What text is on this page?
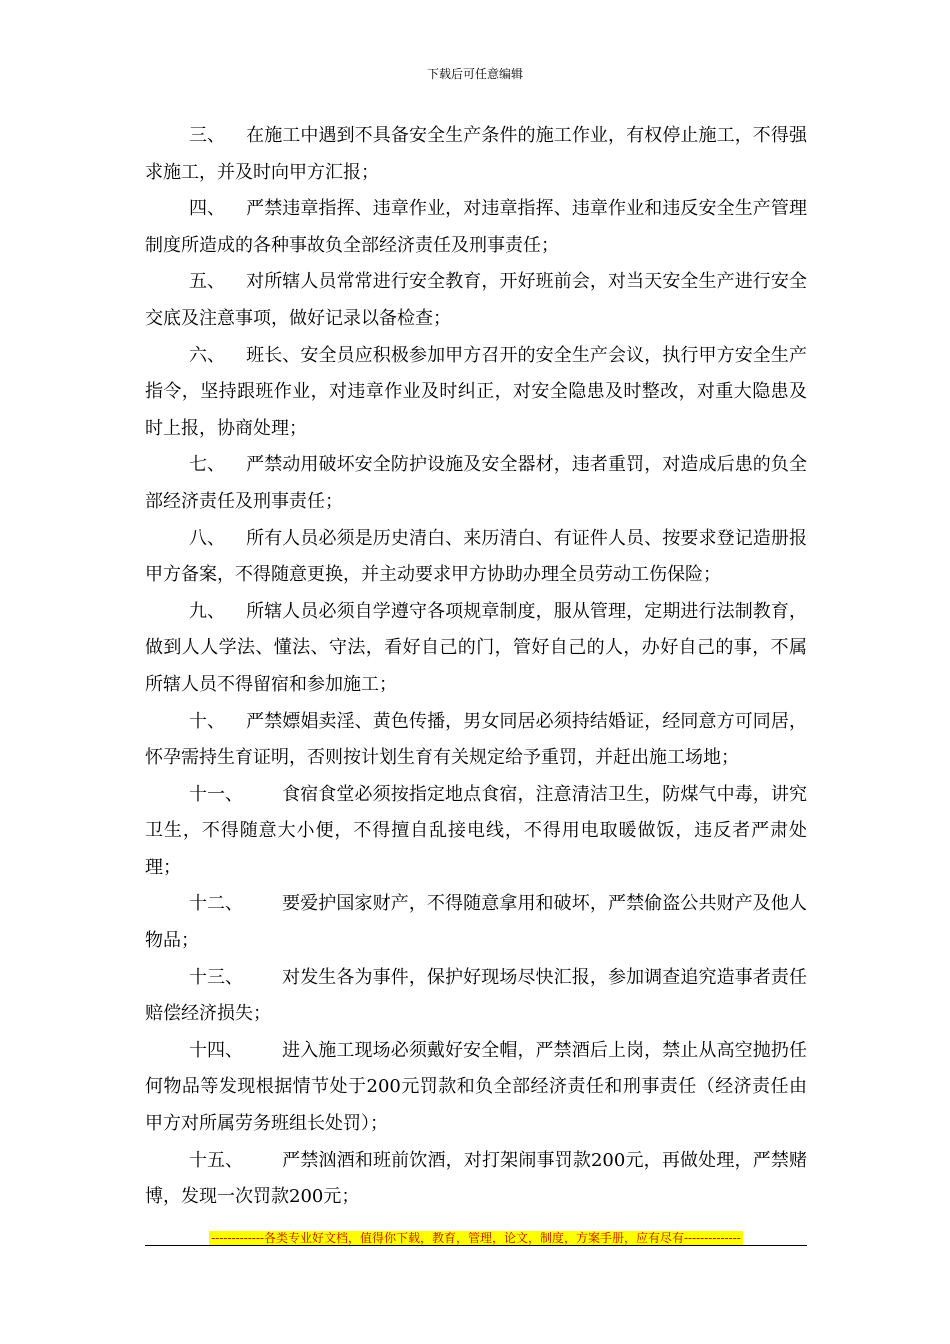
下载后可任意编辑

三、 在施工中遇到不具备安全生产条件的施工作业，有权停止施工，不得强求施工，并及时向甲方汇报；

四、 严禁违章指挥、违章作业，对违章指挥、违章作业和违反安全生产管理制度所造成的各种事故负全部经济责任及刑事责任；

五、 对所辖人员常常进行安全教育，开好班前会，对当天安全生产进行安全交底及注意事项，做好记录以备检查；

六、 班长、安全员应积极参加甲方召开的安全生产会议，执行甲方安全生产指令，坚持跟班作业，对违章作业及时纠正，对安全隐患及时整改，对重大隐患及时上报，协商处理；

七、 严禁动用破坏安全防护设施及安全器材，违者重罚，对造成后患的负全部经济责任及刑事责任；

八、 所有人员必须是历史清白、来历清白、有证件人员、按要求登记造册报甲方备案，不得随意更换，并主动要求甲方协助办理全员劳动工伤保险；

九、 所辖人员必须自学遵守各项规章制度，服从管理，定期进行法制教育，做到人人学法、懂法、守法，看好自己的门，管好自己的人，办好自己的事，不属所辖人员不得留宿和参加施工；

十、 严禁嫖娼卖淫、黄色传播，男女同居必须持结婚证，经同意方可同居，怀孕需持生育证明，否则按计划生育有关规定给予重罚，并赶出施工场地；

十一、 食宿食堂必须按指定地点食宿，注意清洁卫生，防煤气中毒，讲究卫生，不得随意大小便，不得擅自乱接电线，不得用电取暖做饭，违反者严肃处理；

十二、 要爱护国家财产，不得随意拿用和破坏，严禁偷盗公共财产及他人物品；

十三、 对发生各为事件，保护好现场尽快汇报，参加调查追究造事者责任赔偿经济损失；

十四、 进入施工现场必须戴好安全帽，严禁酒后上岗，禁止从高空抛扔任何物品等发现根据情节处于200元罚款和负全部经济责任和刑事责任（经济责任由甲方对所属劳务班组长处罚）；

十五、 严禁汹酒和班前饮酒，对打架闹事罚款200元，再做处理，严禁赌博，发现一次罚款200元；

-------------各类专业好文档，值得你下载，教育，管理，论文，制度，方案手册，应有尽有--------------
